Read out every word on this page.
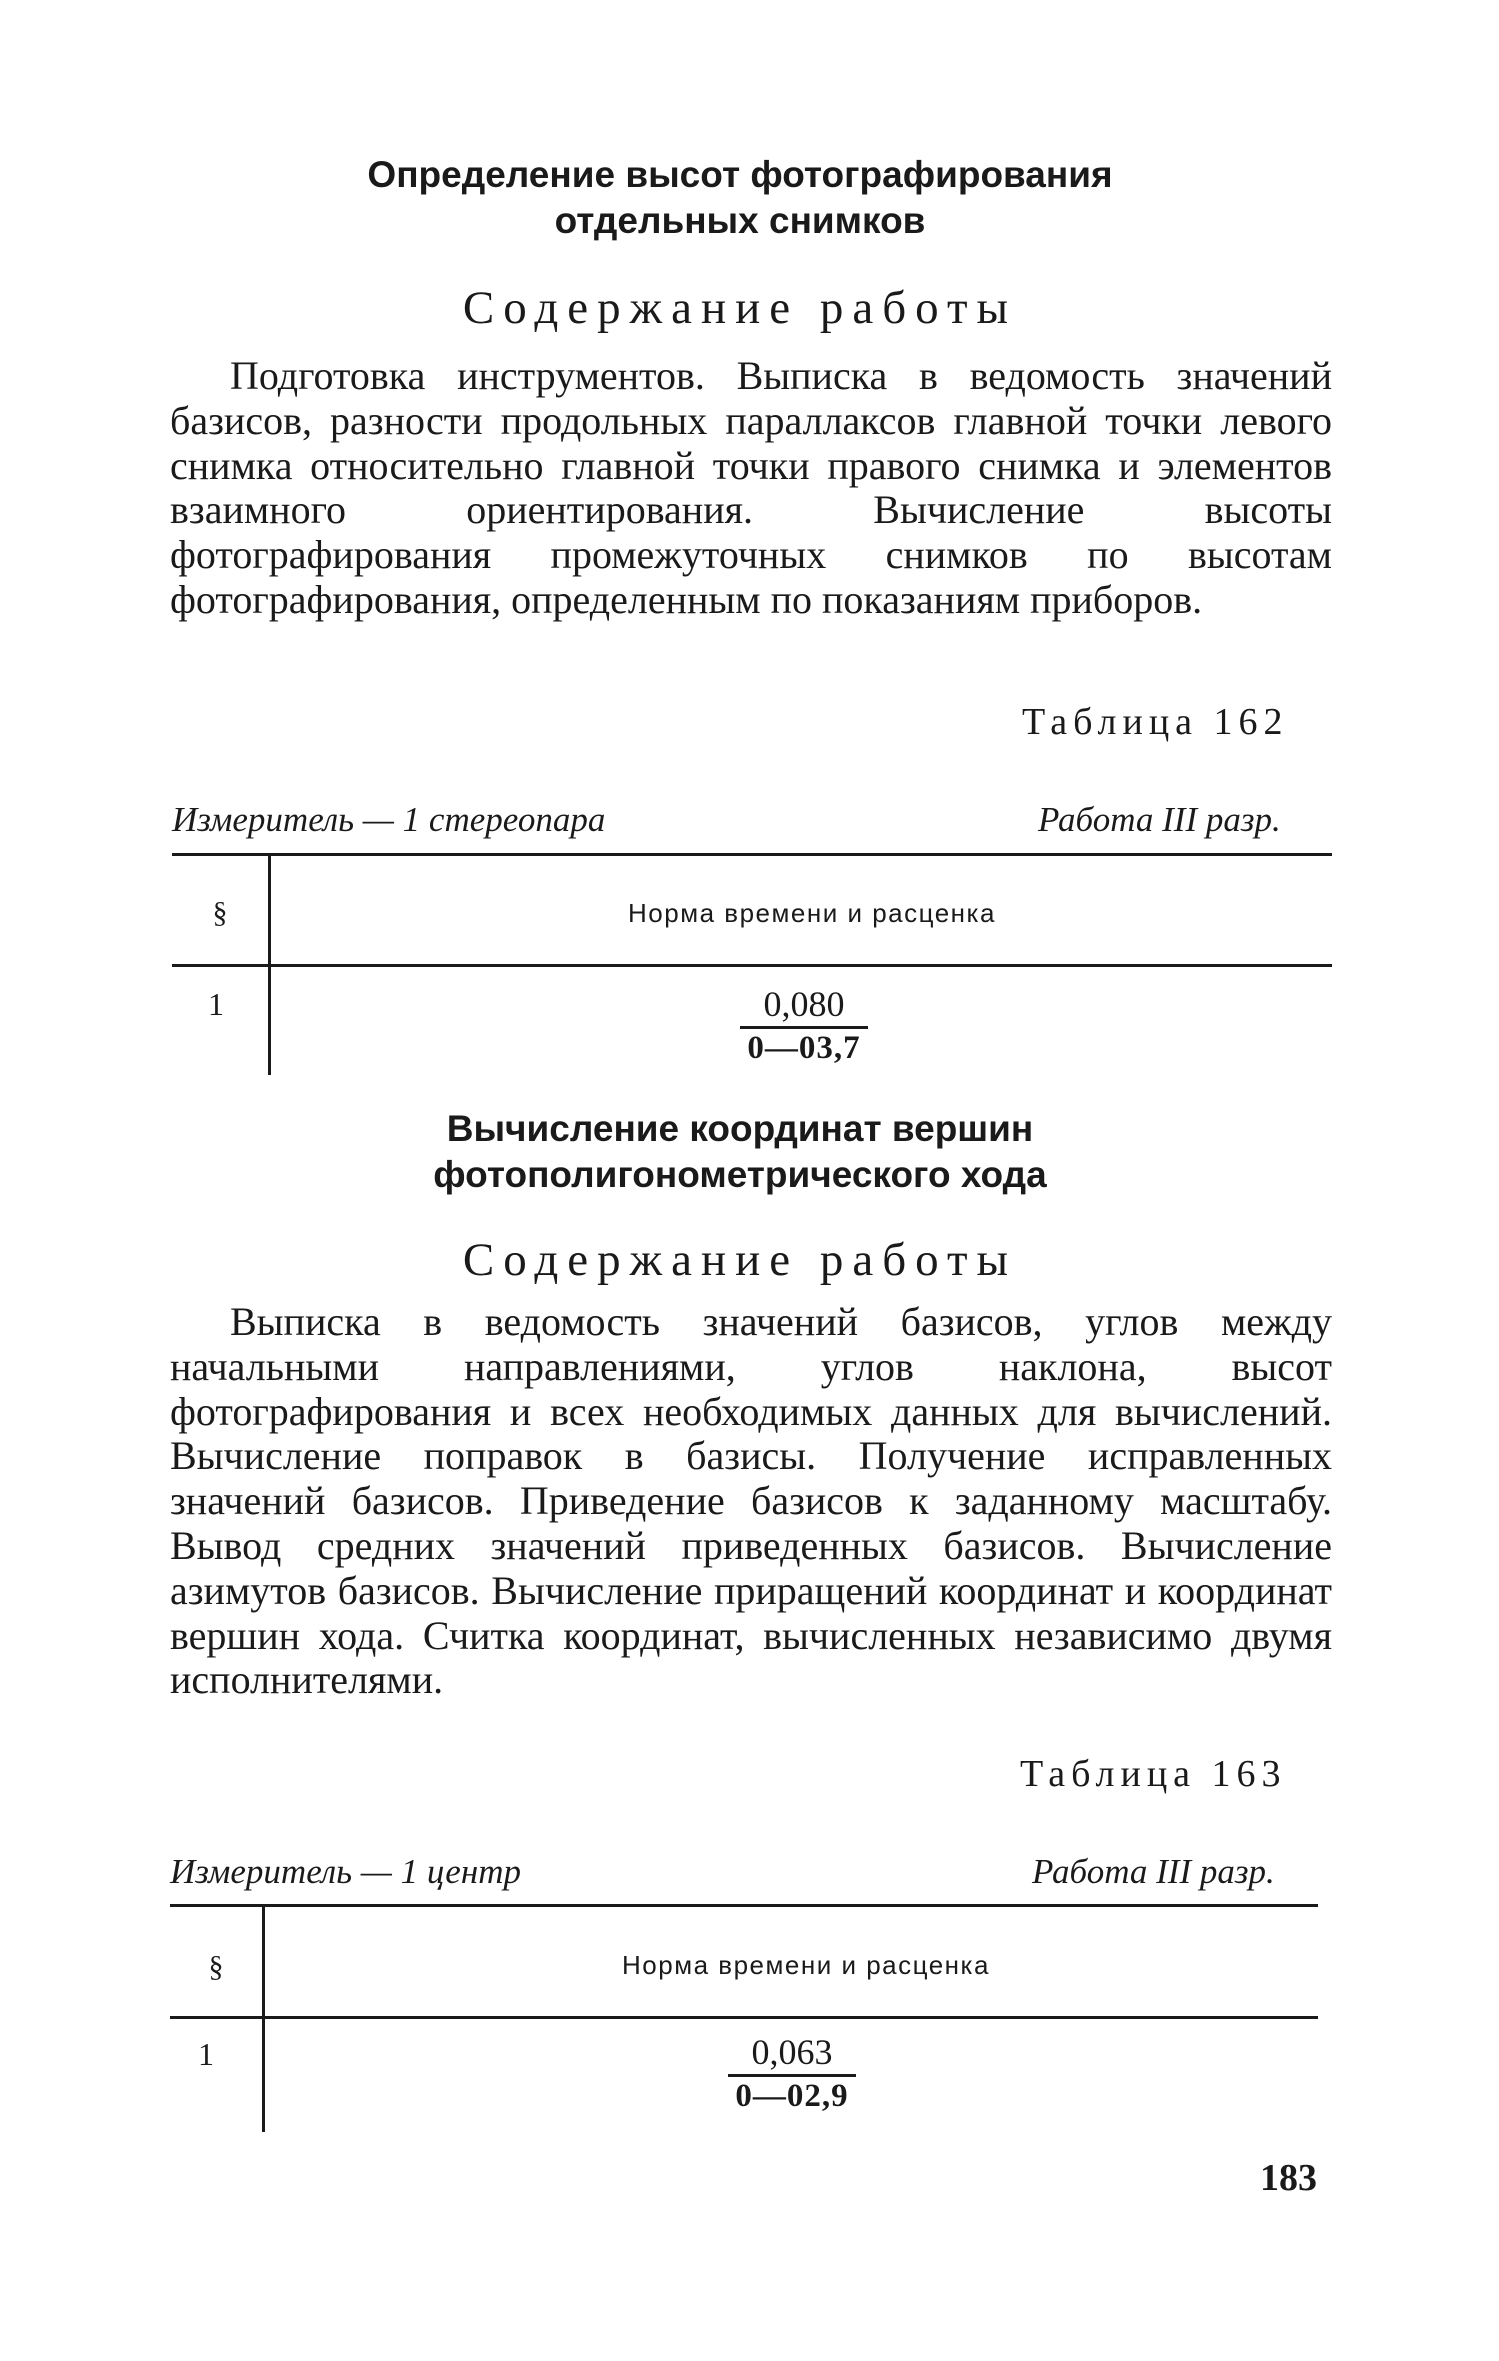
Определение высот фотографирования
отдельных снимков
Содержание работы

Подготовка инструментов. Выписка в ведомость значений базисов, разности продольных параллаксов главной точки левого снимка относительно главной точки правого снимка и элементов взаимного ориентирования. Вычисление высоты фотографирования промежуточных снимков по высотам фотографирования, определенным по показаниям приборов.

Таблица 162
Измеритель — 1 стереопара	Работа III разр.
§	Норма времени и расценка
1	0,080
0—03,7
Вычисление координат вершин
фотополигонометрического хода
Содержание работы

Выписка в ведомость значений базисов, углов между начальными направлениями, углов наклона, высот фотографирования и всех необходимых данных для вычислений. Вычисление поправок в базисы. Получение исправленных значений базисов. Приведение базисов к заданному масштабу. Вывод средних значений приведенных базисов. Вычисление азимутов базисов. Вычисление приращений координат и координат вершин хода. Считка координат, вычисленных независимо двумя исполнителями.

Таблица 163
Измеритель — 1 центр	Работа III разр.
§	Норма времени и расценка
1	0,063
0—02,9
183
